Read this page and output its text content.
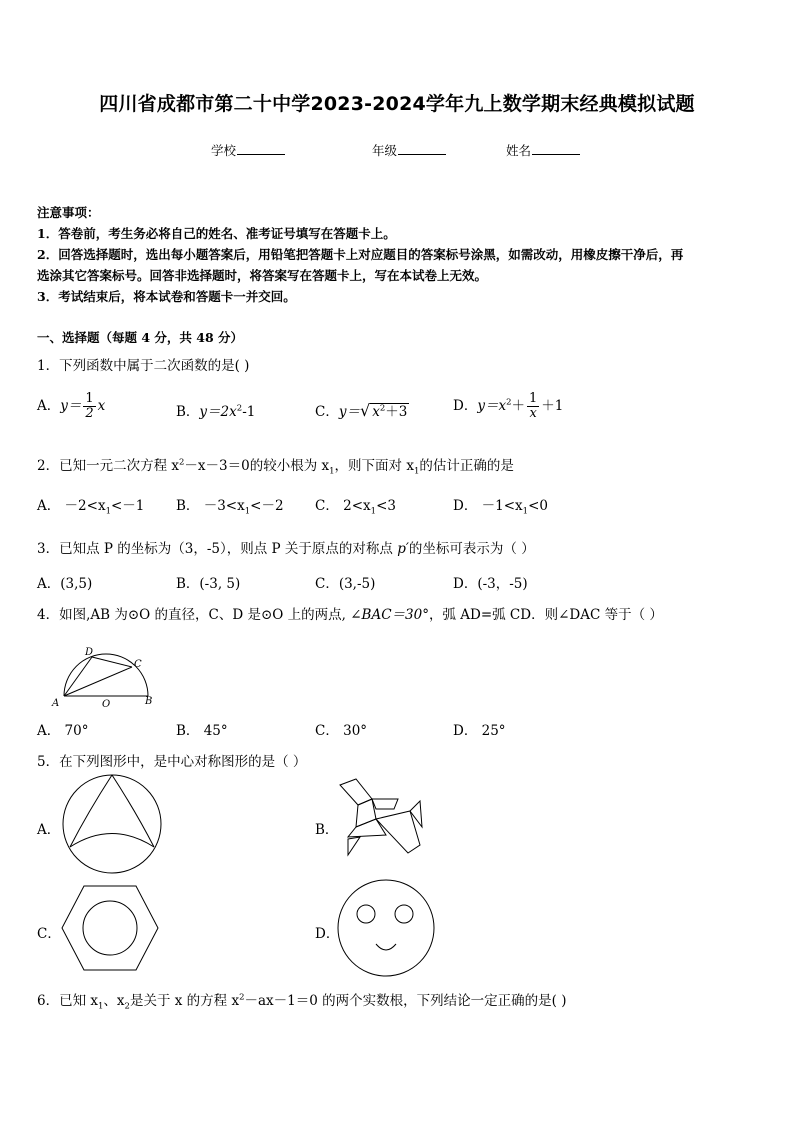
四川省成都市第二十中学2023-2024学年九上数学期末经典模拟试题
学校	年级	姓名
注意事项：
1．答卷前，考生务必将自己的姓名、准考证号填写在答题卡上。
2．回答选择题时，选出每小题答案后，用铅笔把答题卡上对应题目的答案标号涂黑，如需改动，用橡皮擦干净后，再
选涂其它答案标号。回答非选择题时，将答案写在答题卡上，写在本试卷上无效。
3．考试结束后，将本试卷和答题卡一并交回。
一、选择题（每题 4 分，共 48 分）
1．下列函数中属于二次函数的是( )
A．$y= \frac{1}{2}$ x	B．$y=2x^2-1$	C．y＝√ $x^2+3$	D．$y=x^2+ \frac{1}{x} +1$
2．已知一元二次方程 $x^2-x-3=0$的较小根为 $x_1$，则下面对 $x_1$的估计正确的是
A． $-2<x_1<-1$ B． $-3<x_1<-2$ C． $2<x_1<3$	D． $-1<x_1<0$
3．已知点 P 的坐标为（3，-5），则点 P 关于原点的对称点 p′的坐标可表示为（ ）
A．(3,5)	B．(-3, 5)	C．(3,-5)	D．(-3，-5)
4．如图,AB 为⊙O 的直径，C、D 是⊙O 上的两点, ∠BAC＝30°，弧 AD=弧 CD．则∠DAC 等于（ ）
A	B
C
D
O
A． 70°	B． 45°	C． 30°	D． 25°
5．在下列图形中，是中心对称图形的是（ ）
A．	B．
C．	D．
6．已知 $x_1$、$x_2$是关于 x 的方程 $x^2-ax-1=0$ 的两个实数根，下列结论一定正确的是( )
